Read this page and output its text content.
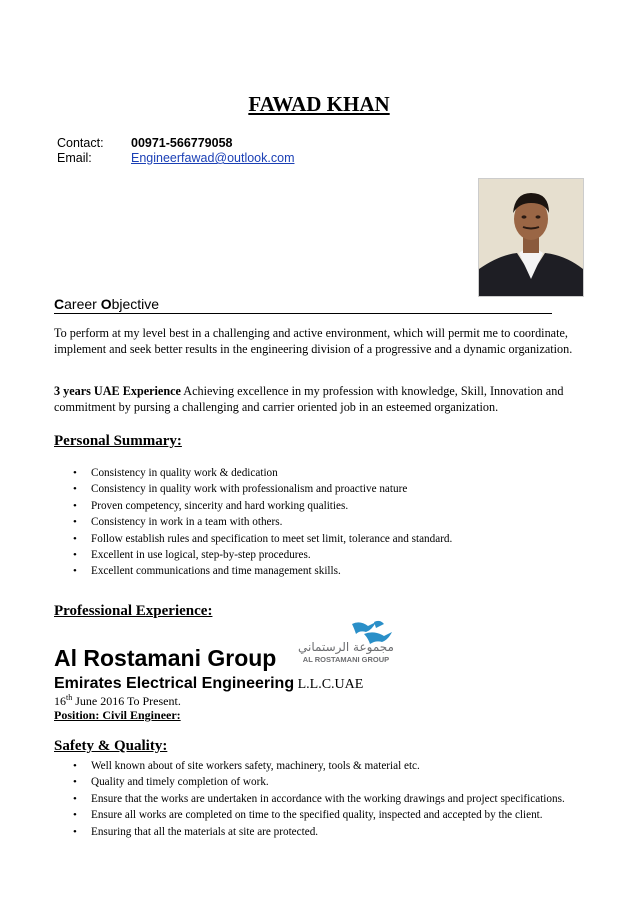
FAWAD KHAN
Contact: 00971-566779058
Email:	Engineerfawad@outlook.com
Career Objective
To perform at my level best in a challenging and active environment, which will permit me to coordinate, implement and seek better results in the engineering division of a progressive and a dynamic organization.
3 years UAE Experience Achieving excellence in my profession with knowledge, Skill, Innovation and commitment by pursing a challenging and carrier oriented job in an esteemed organization.
Personal Summary:
• Consistency in quality work & dedication
• Consistency in quality work with professionalism and proactive nature
• Proven competency, sincerity and hard working qualities.
• Consistency in work in a team with others.
• Follow establish rules and specification to meet set limit, tolerance and standard.
• Excellent in use logical, step-by-step procedures.
• Excellent communications and time management skills.
Professional Experience:
مجموعة الرستماني
AL ROSTAMANI GROUP
Al Rostamani Group
Emirates Electrical Engineering L.L.C.UAE
16th June 2016 To Present.
Position: Civil Engineer:
Safety & Quality:
• Well known about of site workers safety, machinery, tools & material etc.
• Quality and timely completion of work.
• Ensure that the works are undertaken in accordance with the working drawings and project specifications.
• Ensure all works are completed on time to the specified quality, inspected and accepted by the client.
• Ensuring that all the materials at site are protected.
